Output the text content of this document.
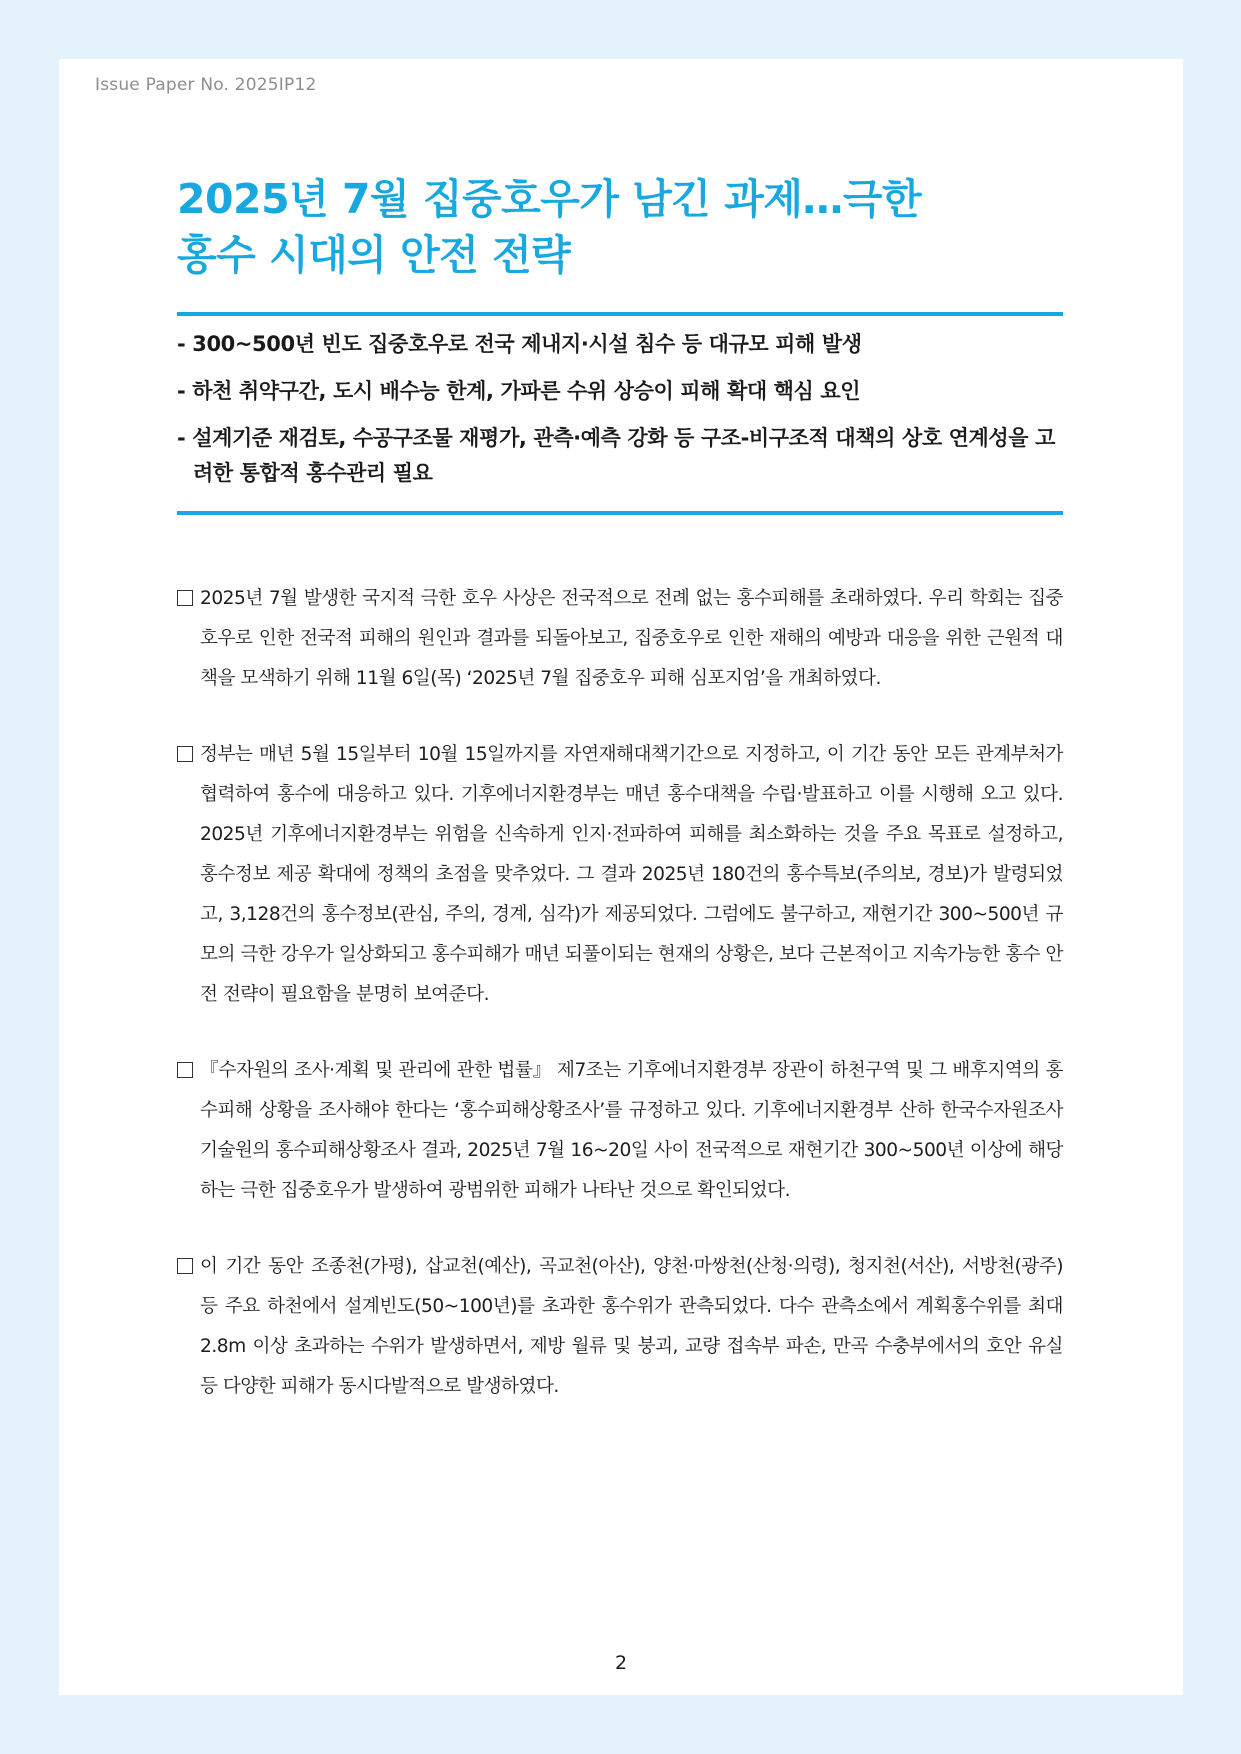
Issue Paper No. 2025IP12
2025년 7월 집중호우가 남긴 과제…극한
홍수 시대의 안전 전략
- 300~500년 빈도 집중호우로 전국 제내지·시설 침수 등 대규모 피해 발생
- 하천 취약구간, 도시 배수능 한계, 가파른 수위 상승이 피해 확대 핵심 요인
- 설계기준 재검토, 수공구조물 재평가, 관측·예측 강화 등 구조-비구조적 대책의 상호 연계성을 고려한 통합적 홍수관리 필요
2025년 7월 발생한 국지적 극한 호우 사상은 전국적으로 전례 없는 홍수피해를 초래하였다. 우리 학회는 집중호우로 인한 전국적 피해의 원인과 결과를 되돌아보고, 집중호우로 인한 재해의 예방과 대응을 위한 근원적 대책을 모색하기 위해 11월 6일(목) ‘2025년 7월 집중호우 피해 심포지엄’을 개최하였다.
정부는 매년 5월 15일부터 10월 15일까지를 자연재해대책기간으로 지정하고, 이 기간 동안 모든 관계부처가 협력하여 홍수에 대응하고 있다. 기후에너지환경부는 매년 홍수대책을 수립·발표하고 이를 시행해 오고 있다. 2025년 기후에너지환경부는 위험을 신속하게 인지·전파하여 피해를 최소화하는 것을 주요 목표로 설정하고, 홍수정보 제공 확대에 정책의 초점을 맞추었다. 그 결과 2025년 180건의 홍수특보(주의보, 경보)가 발령되었고, 3,128건의 홍수정보(관심, 주의, 경계, 심각)가 제공되었다. 그럼에도 불구하고, 재현기간 300~500년 규모의 극한 강우가 일상화되고 홍수피해가 매년 되풀이되는 현재의 상황은, 보다 근본적이고 지속가능한 홍수 안전 전략이 필요함을 분명히 보여준다.
『수자원의 조사·계획 및 관리에 관한 법률』 제7조는 기후에너지환경부 장관이 하천구역 및 그 배후지역의 홍수피해 상황을 조사해야 한다는 ‘홍수피해상황조사’를 규정하고 있다. 기후에너지환경부 산하 한국수자원조사기술원의 홍수피해상황조사 결과, 2025년 7월 16~20일 사이 전국적으로 재현기간 300~500년 이상에 해당하는 극한 집중호우가 발생하여 광범위한 피해가 나타난 것으로 확인되었다.
이 기간 동안 조종천(가평), 삽교천(예산), 곡교천(아산), 양천·마쌍천(산청·의령), 청지천(서산), 서방천(광주) 등 주요 하천에서 설계빈도(50~100년)를 초과한 홍수위가 관측되었다. 다수 관측소에서 계획홍수위를 최대 2.8m 이상 초과하는 수위가 발생하면서, 제방 월류 및 붕괴, 교량 접속부 파손, 만곡 수충부에서의 호안 유실 등 다양한 피해가 동시다발적으로 발생하였다.
2
